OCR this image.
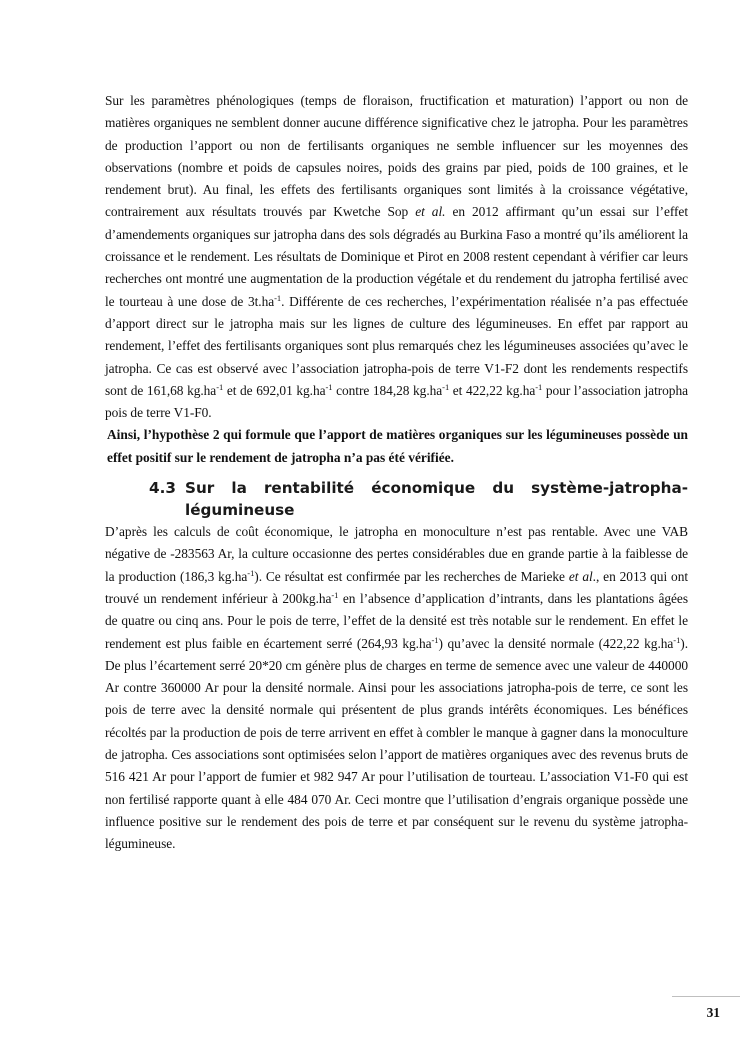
Sur les paramètres phénologiques (temps de floraison, fructification et maturation) l’apport ou non de matières organiques ne semblent donner aucune différence significative chez le jatropha. Pour les paramètres de production l’apport ou non de fertilisants organiques ne semble influencer sur les moyennes des observations (nombre et poids de capsules noires, poids des grains par pied, poids de 100 graines, et le rendement brut). Au final, les effets des fertilisants organiques sont limités à la croissance végétative, contrairement aux résultats trouvés par Kwetche Sop et al. en 2012 affirmant qu’un essai sur l’effet d’amendements organiques sur jatropha dans des sols dégradés au Burkina Faso a montré qu’ils améliorent la croissance et le rendement. Les résultats de Dominique et Pirot en 2008 restent cependant à vérifier car leurs recherches ont montré une augmentation de la production végétale et du rendement du jatropha fertilisé avec le tourteau à une dose de $3t.ha^{-1}$. Différente de ces recherches, l’expérimentation réalisée n’a pas effectuée d’apport direct sur le jatropha mais sur les lignes de culture des légumineuses. En effet par rapport au rendement, l’effet des fertilisants organiques sont plus remarqués chez les légumineuses associées qu’avec le jatropha. Ce cas est observé avec l’association jatropha-pois de terre V1-F2 dont les rendements respectifs sont de 161,68 $kg.ha^{-1}$ et de 692,01 $kg.ha^{-1}$ contre 184,28 $kg.ha^{-1}$ et 422,22 $kg.ha^{-1}$ pour l’association jatropha pois de terre V1-F0.

Ainsi, l’hypothèse 2 qui formule que l’apport de matières organiques sur les légumineuses possède un effet positif sur le rendement de jatropha n’a pas été vérifiée.

4.3 Sur la rentabilité économique du système-jatropha-
légumineuse

D’après les calculs de coût économique, le jatropha en monoculture n’est pas rentable. Avec une VAB négative de -283563 Ar, la culture occasionne des pertes considérables due en grande partie à la faiblesse de la production (186,3 $kg.ha^{-1}$). Ce résultat est confirmée par les recherches de Marieke et al., en 2013 qui ont trouvé un rendement inférieur à $200kg.ha^{-1}$ en l’absence d’application d’intrants, dans les plantations âgées de quatre ou cinq ans. Pour le pois de terre, l’effet de la densité est très notable sur le rendement. En effet le rendement est plus faible en écartement serré (264,93 $kg.ha^{-1}$) qu’avec la densité normale (422,22 $kg.ha^{-1}$). De plus l’écartement serré 20*20 cm génère plus de charges en terme de semence avec une valeur de 440000 Ar contre 360000 Ar pour la densité normale. Ainsi pour les associations jatropha-pois de terre, ce sont les pois de terre avec la densité normale qui présentent de plus grands intérêts économiques. Les bénéfices récoltés par la production de pois de terre arrivent en effet à combler le manque à gagner dans la monoculture de jatropha. Ces associations sont optimisées selon l’apport de matières organiques avec des revenus bruts de 516 421 Ar pour l’apport de fumier et 982 947 Ar pour l’utilisation de tourteau. L’association V1-F0 qui est non fertilisé rapporte quant à elle 484 070 Ar. Ceci montre que l’utilisation d’engrais organique possède une influence positive sur le rendement des pois de terre et par conséquent sur le revenu du système jatropha-légumineuse.

31
